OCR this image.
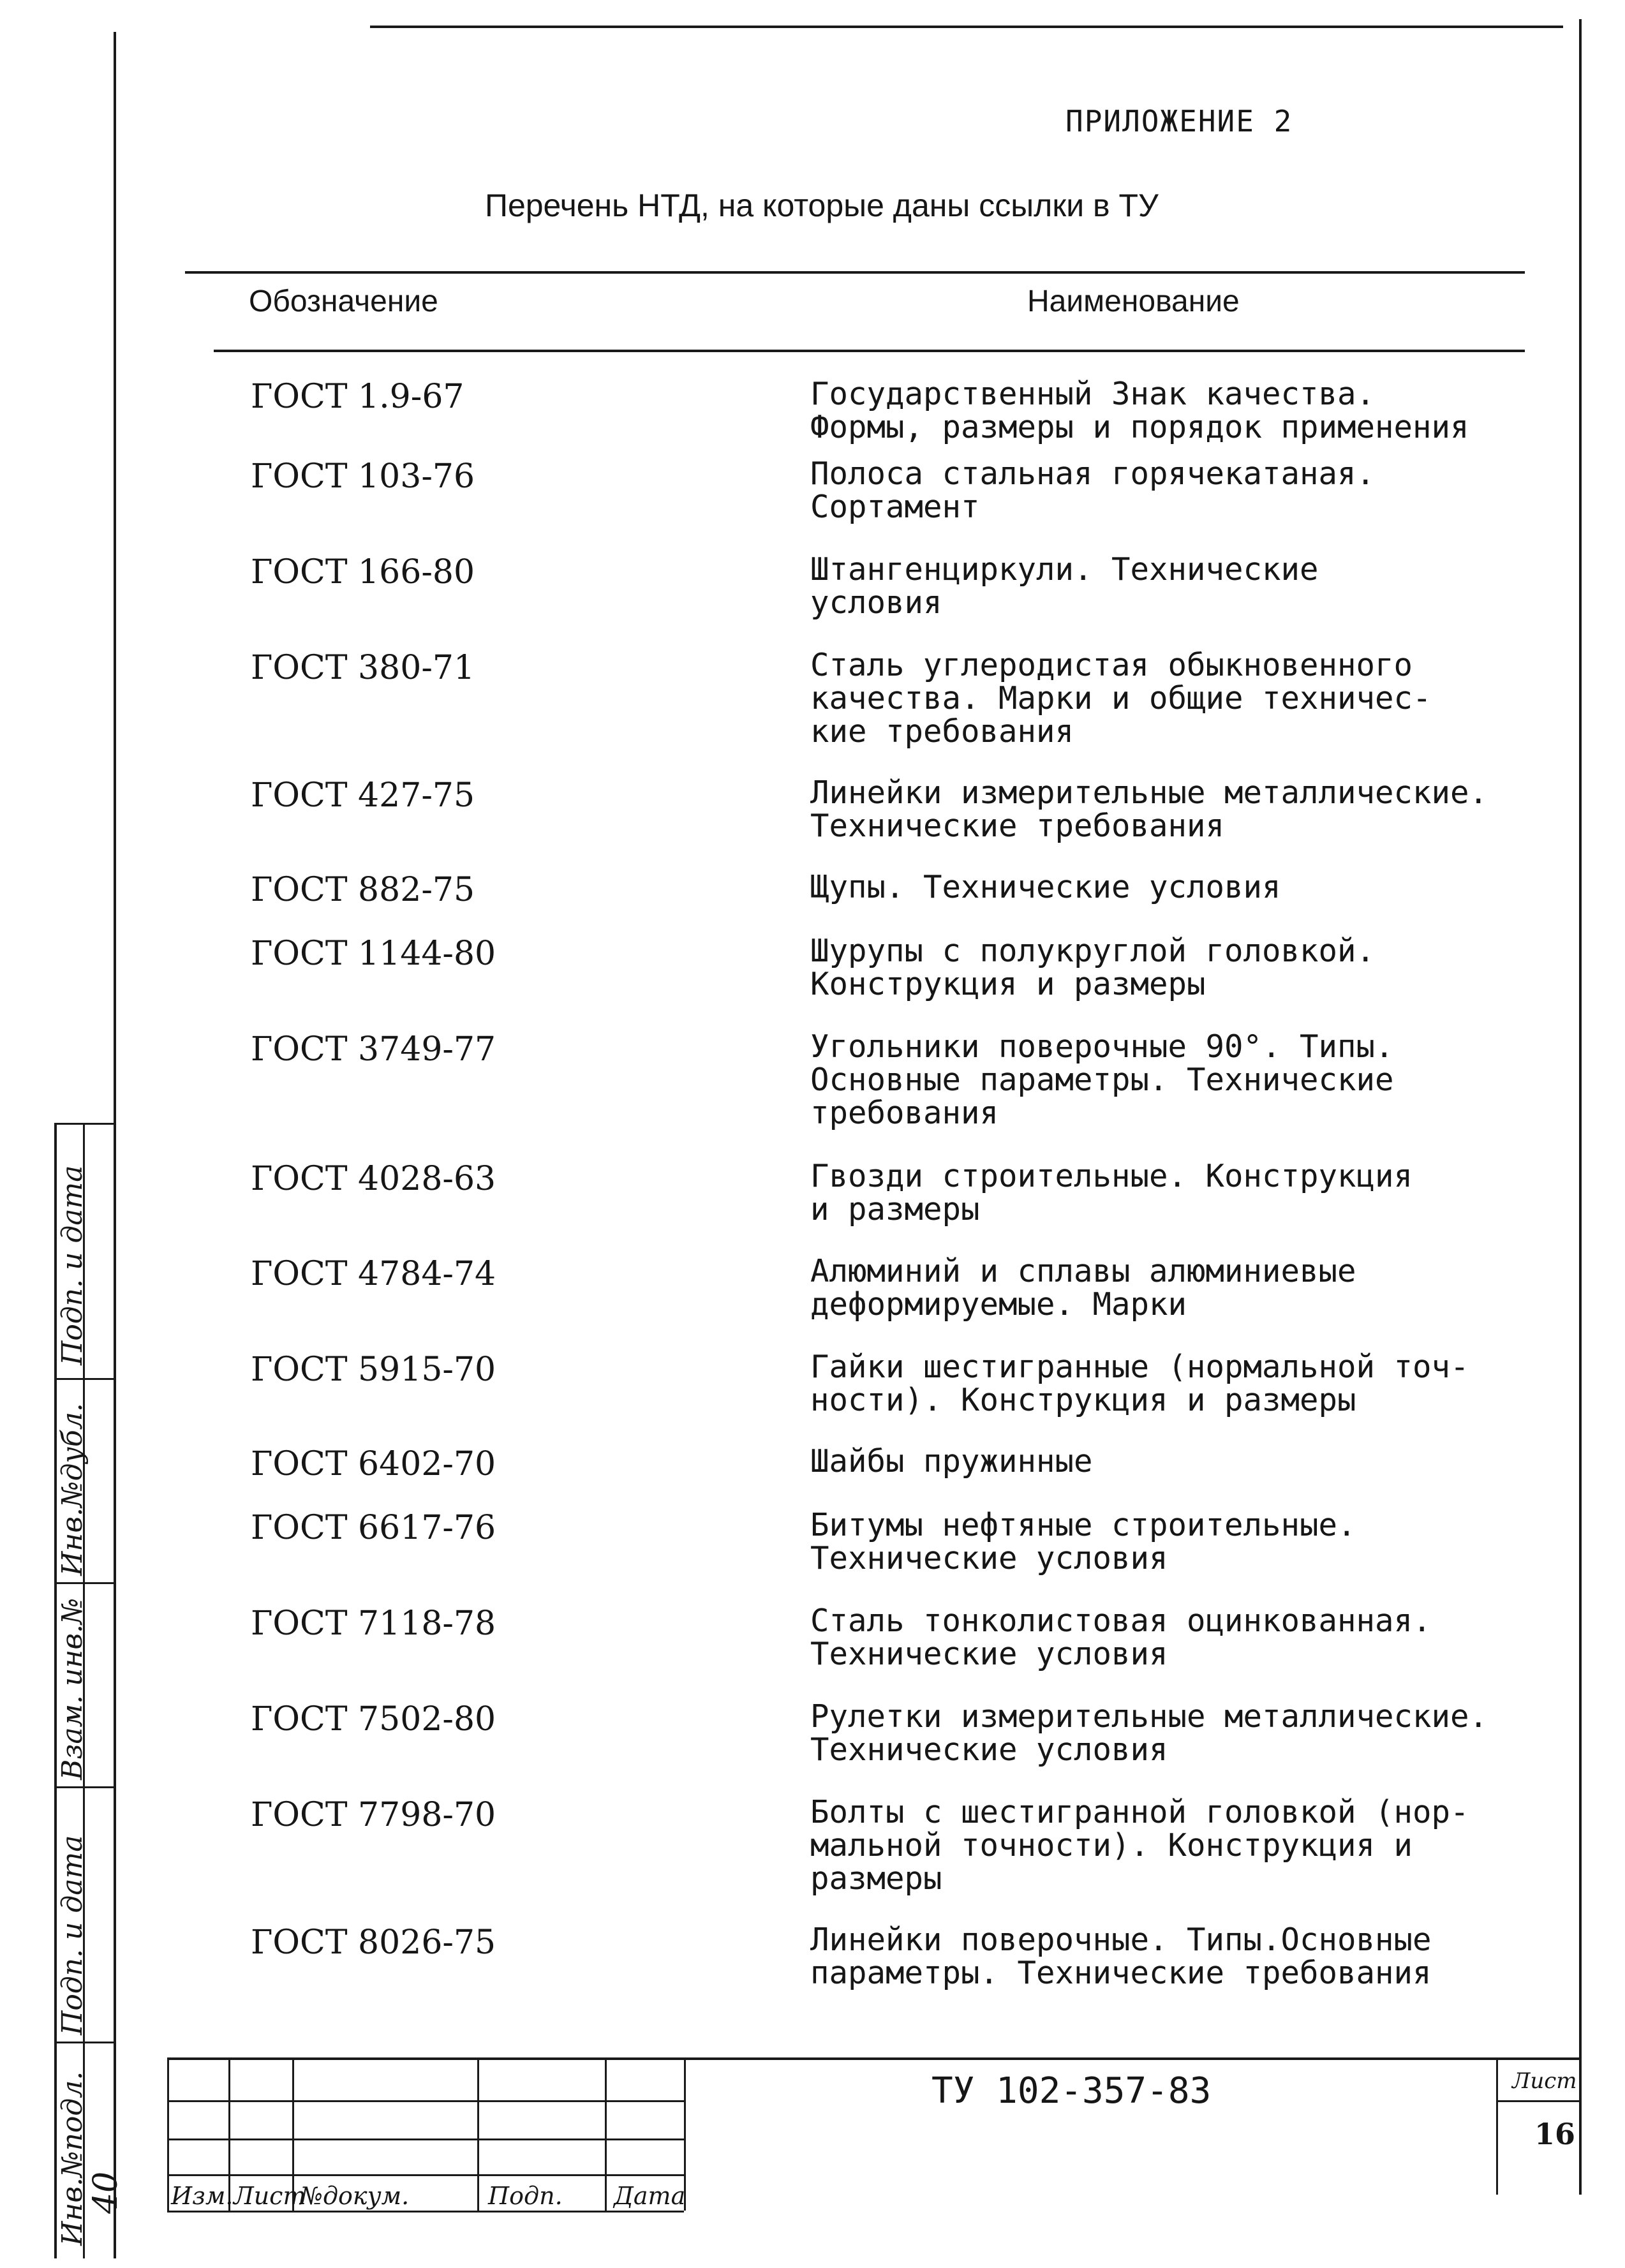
ПРИЛОЖЕНИЕ 2
Перечень НТД, на которые даны ссылки в ТУ
Обозначение	Наименование
ГОСТ 1.9-67	Государственный Знак качества.
Формы, размеры и порядок применения
ГОСТ 103-76	Полоса стальная горячекатаная.
Сортамент
ГОСТ 166-80	Штангенциркули. Технические
условия
ГОСТ 380-71	Сталь углеродистая обыкновенного
качества. Марки и общие техничес-
кие требования
ГОСТ 427-75	Линейки измерительные металлические.
Технические требования
ГОСТ 882-75	Щупы. Технические условия
ГОСТ 1144-80	Шурупы с полукруглой головкой.
Конструкция и размеры
ГОСТ 3749-77	Угольники поверочные 90°. Типы.
Основные параметры. Технические
требования
ГОСТ 4028-63	Гвозди строительные. Конструкция
и размеры
ГОСТ 4784-74	Алюминий и сплавы алюминиевые
деформируемые. Марки
ГОСТ 5915-70	Гайки шестигранные (нормальной точ-
ности). Конструкция и размеры
ГОСТ 6402-70	Шайбы пружинные
ГОСТ 6617-76	Битумы нефтяные строительные.
Технические условия
ГОСТ 7118-78	Сталь тонколистовая оцинкованная.
Технические условия
ГОСТ 7502-80	Рулетки измерительные металлические.
Технические условия
ГОСТ 7798-70	Болты с шестигранной головкой (нор-
мальной точности). Конструкция и
размеры
ГОСТ 8026-75	Линейки поверочные. Типы.Основные
параметры. Технические требования
Подп. и дата
Инв.№дубл.
Взам. инв.№
Подп. и дата
Инв.№подл.
40 Изм. Лист
№докум.	Подп. Дата
ТУ 102-357-83	Лист
16
